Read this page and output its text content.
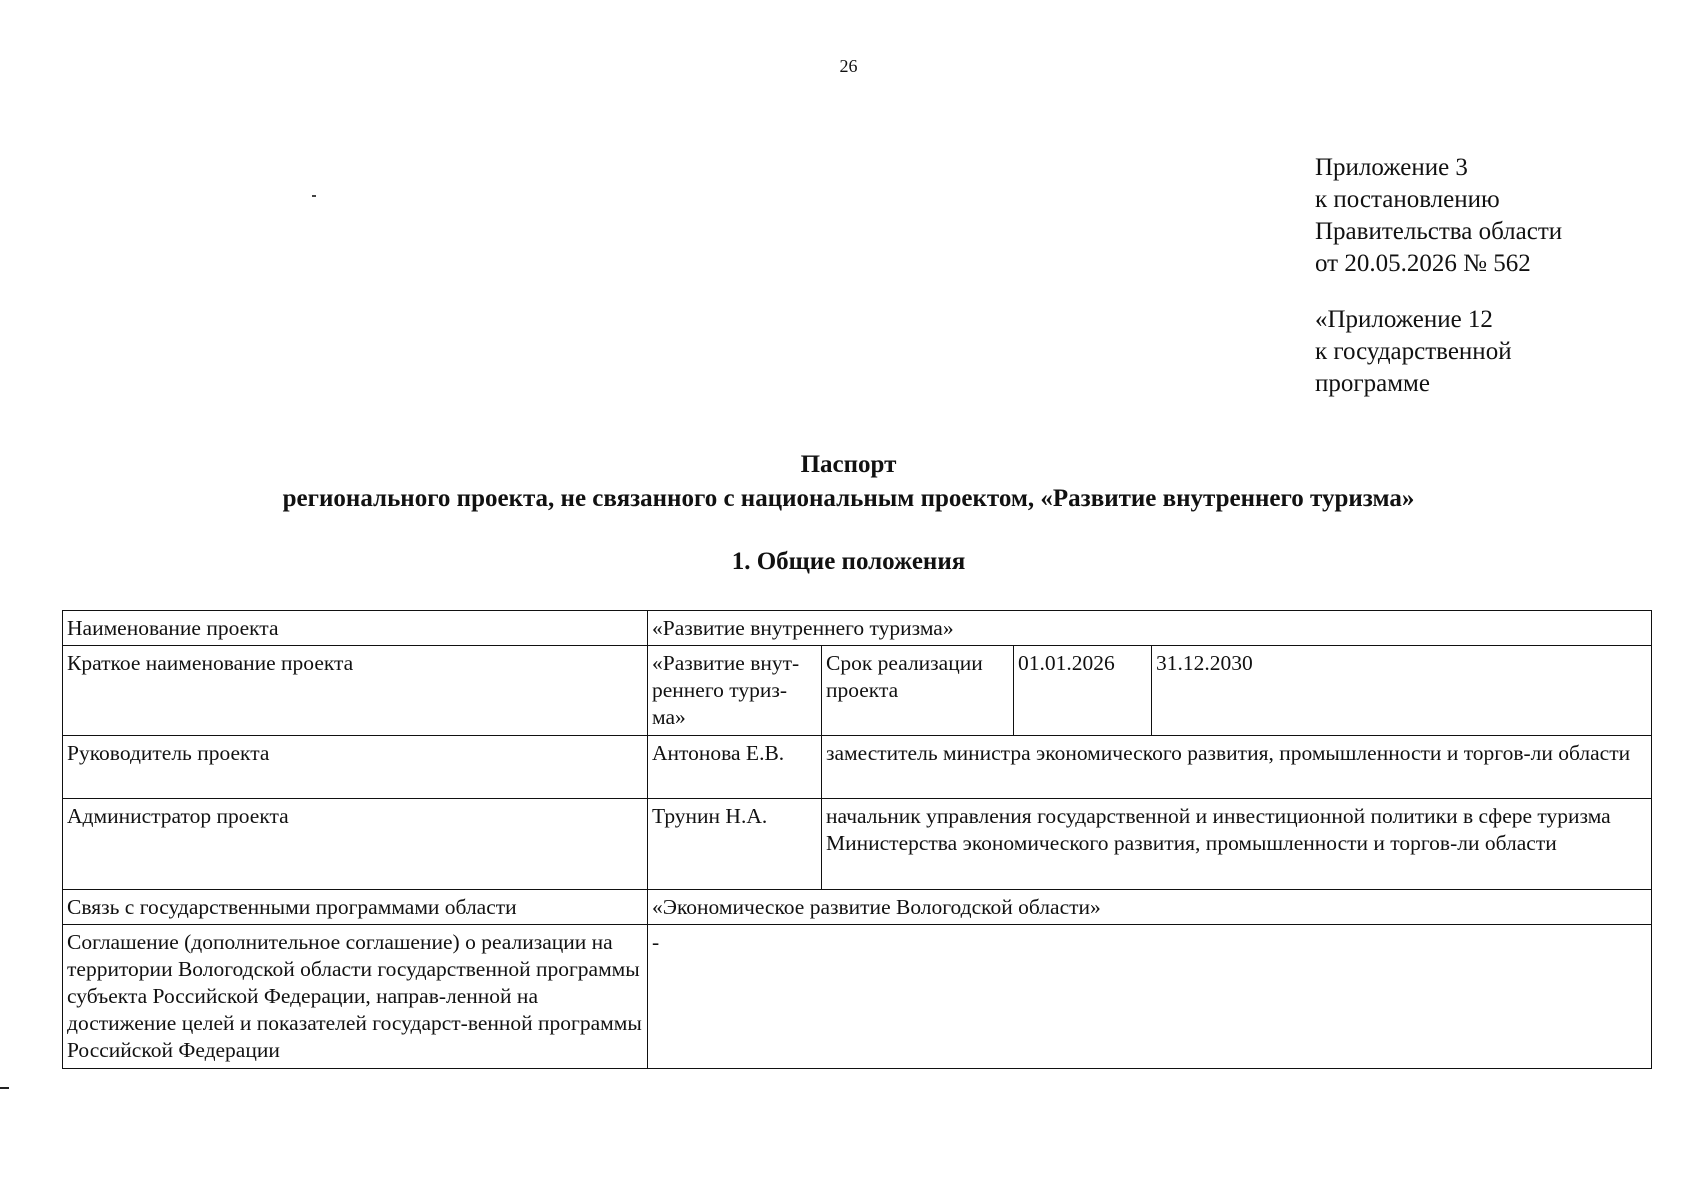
26
Приложение 3
к постановлению
Правительства области
от 20.05.2026 № 562
«Приложение 12
к государственной
программе
Паспорт
регионального проекта, не связанного с национальным проектом, «Развитие внутреннего туризма»
1. Общие положения
Наименование проекта	«Развитие внутреннего туризма»			
Краткое наименование проекта	«Развитие внут-реннего туриз-ма»	Срок реализации проекта	01.01.2026	31.12.2030
Руководитель проекта	Антонова Е.В.	заместитель министра экономического развития, промышленности и торгов-ли области		
Администратор проекта	Трунин Н.А.	начальник управления государственной и инвестиционной политики в сфере туризма Министерства экономического развития, промышленности и торгов-ли области		
Связь с государственными программами области	«Экономическое развитие Вологодской области»			
Соглашение (дополнительное соглашение) о реализации на территории Вологодской области государственной программы субъекта Российской Федерации, направ-ленной на достижение целей и показателей государст-венной программы Российской Федерации	-			
